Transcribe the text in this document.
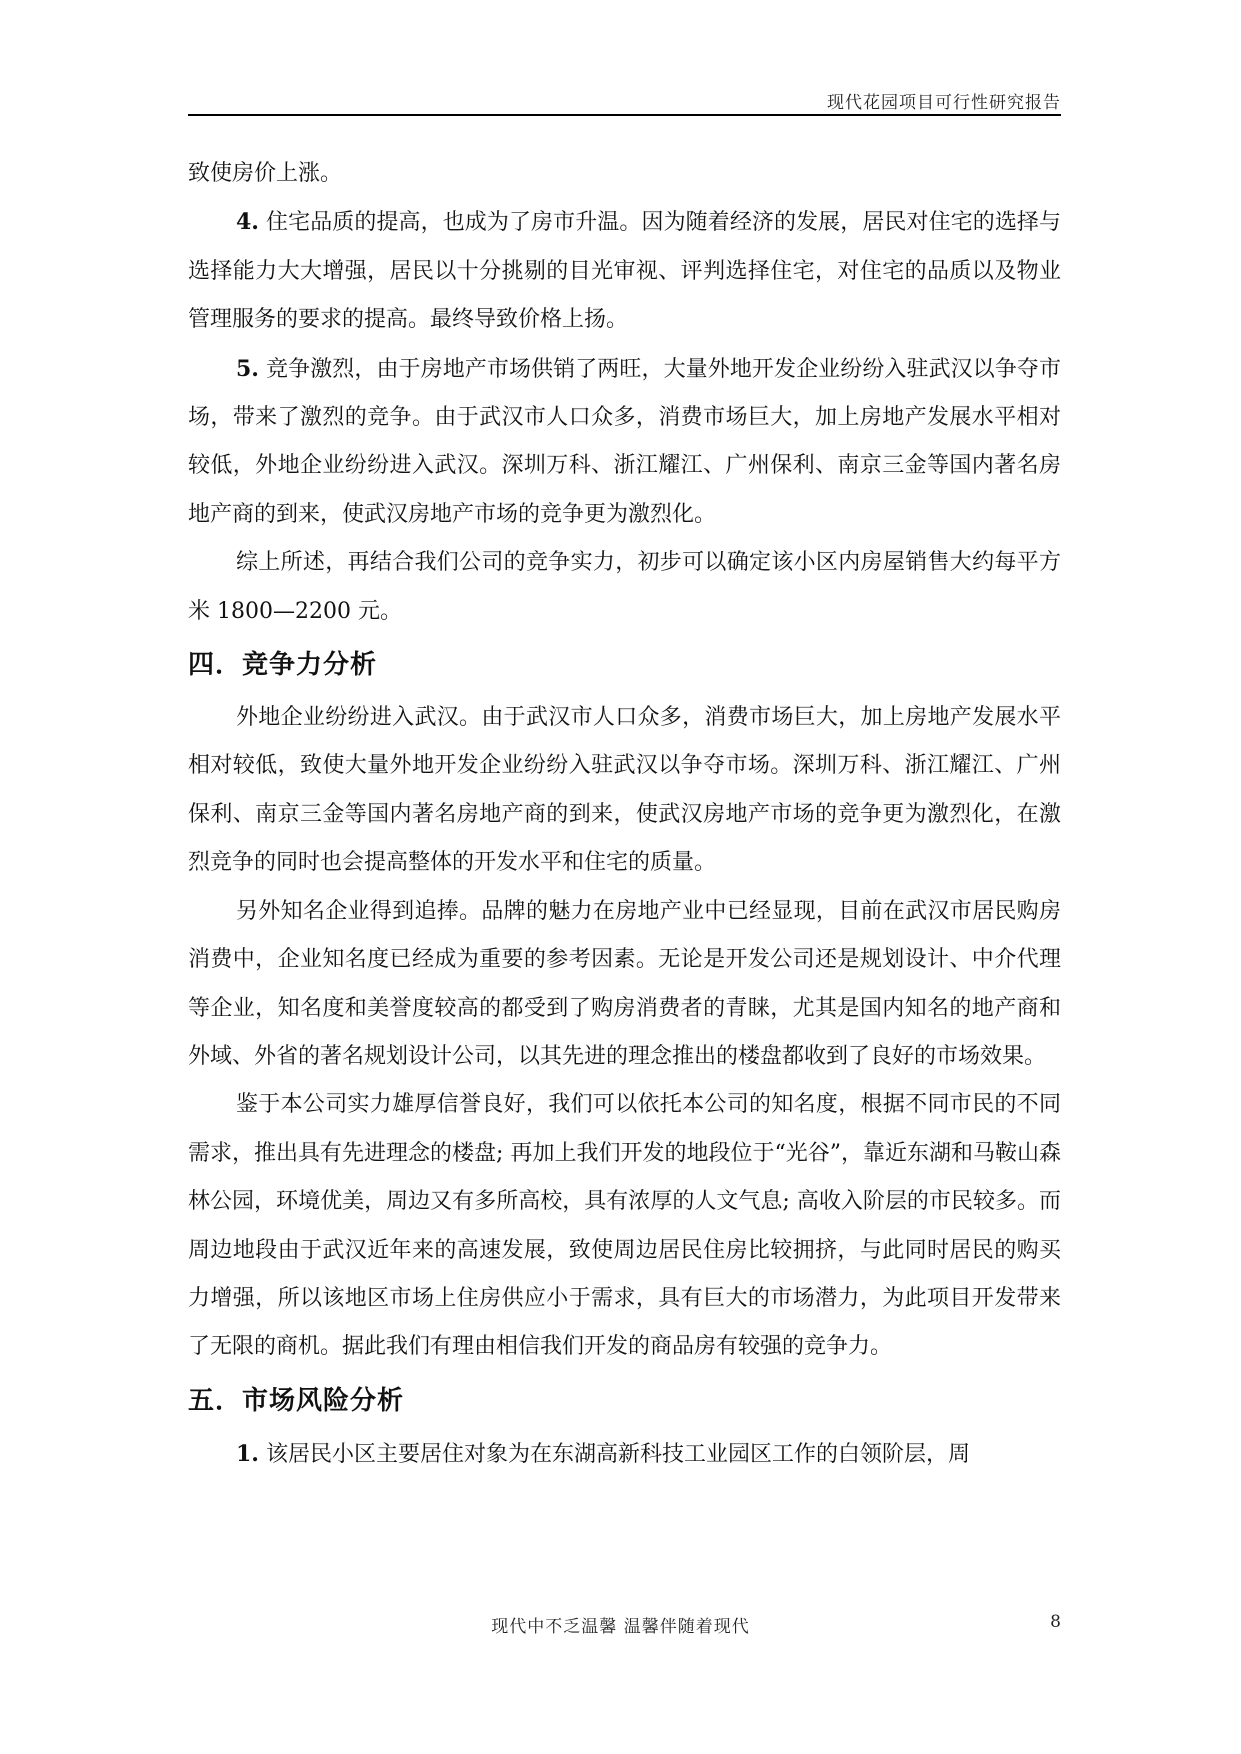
现代花园项目可行性研究报告

致使房价上涨。

4. 住宅品质的提高，也成为了房市升温。因为随着经济的发展，居民对住宅的选择与选择能力大大增强，居民以十分挑剔的目光审视、评判选择住宅，对住宅的品质以及物业管理服务的要求的提高。最终导致价格上扬。

5. 竞争激烈，由于房地产市场供销了两旺，大量外地开发企业纷纷入驻武汉以争夺市场，带来了激烈的竞争。由于武汉市人口众多，消费市场巨大，加上房地产发展水平相对较低，外地企业纷纷进入武汉。深圳万科、浙江耀江、广州保利、南京三金等国内著名房地产商的到来，使武汉房地产市场的竞争更为激烈化。

综上所述，再结合我们公司的竞争实力，初步可以确定该小区内房屋销售大约每平方米 1800—2200 元。

四．竞争力分析

外地企业纷纷进入武汉。由于武汉市人口众多，消费市场巨大，加上房地产发展水平相对较低，致使大量外地开发企业纷纷入驻武汉以争夺市场。深圳万科、浙江耀江、广州保利、南京三金等国内著名房地产商的到来，使武汉房地产市场的竞争更为激烈化，在激烈竞争的同时也会提高整体的开发水平和住宅的质量。

另外知名企业得到追捧。品牌的魅力在房地产业中已经显现，目前在武汉市居民购房消费中，企业知名度已经成为重要的参考因素。无论是开发公司还是规划设计、中介代理等企业，知名度和美誉度较高的都受到了购房消费者的青睐，尤其是国内知名的地产商和外域、外省的著名规划设计公司，以其先进的理念推出的楼盘都收到了良好的市场效果。

鉴于本公司实力雄厚信誉良好，我们可以依托本公司的知名度，根据不同市民的不同需求，推出具有先进理念的楼盘; 再加上我们开发的地段位于“光谷”，靠近东湖和马鞍山森林公园，环境优美，周边又有多所高校，具有浓厚的人文气息; 高收入阶层的市民较多。而周边地段由于武汉近年来的高速发展，致使周边居民住房比较拥挤，与此同时居民的购买力增强，所以该地区市场上住房供应小于需求，具有巨大的市场潜力，为此项目开发带来了无限的商机。据此我们有理由相信我们开发的商品房有较强的竞争力。

五．市场风险分析

1. 该居民小区主要居住对象为在东湖高新科技工业园区工作的白领阶层，周

现代中不乏温馨 温馨伴随着现代	8
